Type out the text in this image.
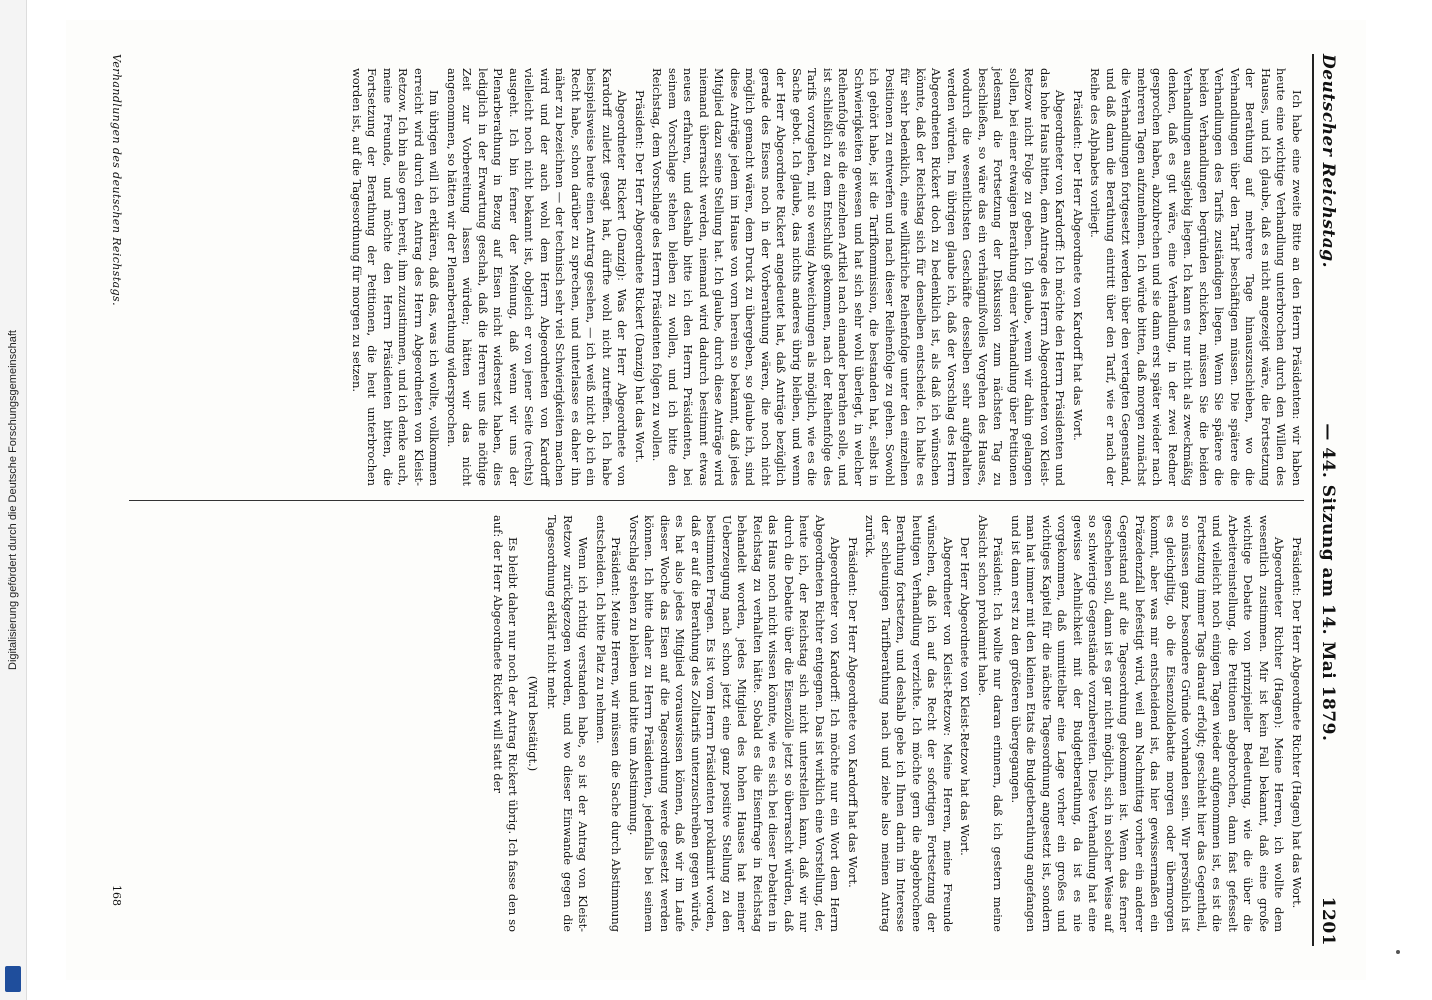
Digitalisierung gefördert durch die Deutsche Forschungsgemeinschaft
Deutscher Reichstag.
— 44. Sitzung am 14. Mai 1879.
1201

Ich habe eine zweite Bitte an den Herrn Präsidenten: wir haben heute eine wichtige Verhandlung unterbrochen durch den Willen des Hauses, und ich glaube, daß es nicht angezeigt wäre, die Fortsetzung der Berathung auf mehrere Tage hinauszuschieben, wo die Verhandlungen über den Tarif beschäftigen müssen. Die spätere die Verhandlungen des Tarifs zuständigen liegen. Wenn Sie spätere die beiden Verhandlungen begründen schicken, müssen Sie die beiden Verhandlungen ausgiebig liegen. Ich kann es nur nicht als zweckmäßig denken, daß es gut wäre, eine Verhandlung, in der zwei Redner gesprochen haben, abzubrechen und sie dann erst später wieder nach mehreren Tagen aufzunehmen. Ich würde bitten, daß morgen zunächst die Verhandlungen fortgesetzt werden über den vertagten Gegenstand, und daß dann die Berathung eintritt über den Tarif, wie er nach der Reihe des Alphabets vorliegt.

Präsident: Der Herr Abgeordnete von Kardorff hat das Wort.

Abgeordneter von Kardorff: Ich möchte den Herrn Präsidenten und das hohe Haus bitten, dem Antrage des Herrn Abgeordneten von Kleist-Retzow nicht Folge zu geben. Ich glaube, wenn wir dahin gelangen sollen, bei einer etwaigen Berathung einer Verhandlung über Petitionen jedesmal die Fortsetzung der Diskussion zum nächsten Tag zu beschließen, so wäre das ein verhängnißvolles Vorgehen des Hauses, wodurch die wesentlichsten Geschäfte desselben sehr aufgehalten werden würden. Im übrigen glaube ich, daß der Vorschlag des Herrn Abgeordneten Rickert doch zu bedenklich ist, als daß ich wünschen könnte, daß der Reichstag sich für denselben entscheide. Ich halte es für sehr bedenklich, eine willkürliche Reihenfolge unter den einzelnen Positionen zu entwerfen und nach dieser Reihenfolge zu gehen. Sowohl ich gehört habe, ist die Tarifkommission, die bestanden hat, selbst in Schwierigkeiten gewesen und hat sich sehr wohl überlegt, in welcher Reihenfolge sie die einzelnen Artikel nach einander berathen solle, und ist schließlich zu dem Entschluß gekommen, nach der Reihenfolge des Tarifs vorzugehen, mit so wenig Abweichungen als möglich, wie es die Sache gebot. Ich glaube, das nichts anderes übrig bleiben, und wenn der Herr Abgeordnete Rickert angedeutet hat, daß Anträge bezüglich gerade des Eisens noch in der Vorberathung wären, die noch nicht möglich gemacht wären, dem Druck zu übergeben, so glaube ich, sind diese Anträge jedem im Hause von vorn herein so bekannt, daß jedes Mitglied dazu seine Stellung hat. Ich glaube, durch diese Anträge wird niemand überrascht werden, niemand wird dadurch bestimmt etwas neues erfahren, und deshalb bitte ich den Herrn Präsidenten, bei seinem Vorschlage stehen bleiben zu wollen, und ich bitte den Reichstag, dem Vorschlage des Herrn Präsidenten folgen zu wollen.

Präsident: Der Herr Abgeordnete Rickert (Danzig) hat das Wort.

Abgeordneter Rickert (Danzig): Was der Herr Abgeordnete von Kardorff zuletzt gesagt hat, dürfte wohl nicht zutreffen. Ich habe beispielsweise heute einen Antrag gesehen, — ich weiß nicht ob ich ein Recht habe, schon darüber zu sprechen, und unterlasse es daher ihn näher zu bezeichnen — der technisch sehr viel Schwierigkeiten machen wird und der auch wohl dem Herrn Abgeordneten von Kardorff vielleicht noch nicht bekannt ist, obgleich er von jener Seite (rechts) ausgeht. Ich bin ferner der Meinung, daß wenn wir uns der Plenarberathung in Bezug auf Eisen nicht widersetzt haben, dies lediglich in der Erwartung geschah, daß die Herren uns die nöthige Zeit zur Vorbereitung lassen würden; hätten wir das nicht angenommen, so hätten wir der Plenarberathung widersprochen.

Im übrigen will ich erklären, daß das, was ich wollte, vollkommen erreicht wird durch den Antrag des Herrn Abgeordneten von Kleist-Retzow. Ich bin also gern bereit, ihm zuzustimmen, und ich denke auch, meine Freunde, und möchte den Herrn Präsidenten bitten, die Fortsetzung der Berathung der Petitionen, die heut unterbrochen worden ist, auf die Tagesordnung für morgen zu setzen.

Präsident: Der Herr Abgeordnete Richter (Hagen) hat das Wort.

Abgeordneter Richter (Hagen): Meine Herren, ich wollte dem wesentlich zustimmen. Mir ist kein Fall bekannt, daß eine große wichtige Debatte von prinzipieller Bedeutung, wie die über die Arbeitereinstellung, die Petitionen abgebrochen, dann fast gefesselt und vielleicht noch einigen Tagen wieder aufgenommen ist, es ist die Fortsetzung immer Tags darauf erfolgt; geschieht hier das Gegentheil, so müssen ganz besondere Gründe vorhanden sein. Wir persönlich ist es gleichgiltig, ob die Eisenzolldebatte morgen oder übermorgen kommt, aber was mir entscheidend ist, das hier gewissermaßen ein Präzedenzfall befestigt wird, weil am Nachmittag vorher ein anderer Gegenstand auf die Tagesordnung gekommen ist. Wenn das ferner geschehen soll, dann ist es gar nicht möglich, sich in solcher Weise auf so schwierige Gegenstände vorzubereiten. Diese Verhandlung hat eine gewisse Aehnlichkeit mit der Budgetberathung, da ist es nie vorgekommen, daß unmittelbar eine Lage vorher ein großes und wichtiges Kapitel für die nächste Tagesordnung angesetzt ist, sondern man hat immer mit den kleinen Etats die Budgetberathung angefangen und ist dann erst zu den größeren übergegangen.

Präsident: Ich wollte nur daran erinnern, daß ich gestern meine Absicht schon proklamirt habe.

Der Herr Abgeordnete von Kleist-Retzow hat das Wort.

Abgeordneter von Kleist-Retzow: Meine Herren, meine Freunde wünschen, daß ich auf das Recht der sofortigen Fortsetzung der heutigen Verhandlung verzichte. Ich möchte gern die abgebrochene Berathung fortsetzen, und deshalb gebe ich Ihnen darin im Interesse der schleunigen Tarifberathung nach und ziehe also meinen Antrag zurück.

Präsident: Der Herr Abgeordnete von Kardorff hat das Wort.

Abgeordneter von Kardorff: Ich möchte nur ein Wort dem Herrn Abgeordneten Richter entgegnen. Das ist wirklich eine Vorstellung, der, heute ich, der Reichstag sich nicht unterstellen kann, daß wir nur durch die Debatte über die Eisenzölle jetzt so überrascht würden, daß das Haus noch nicht wissen könnte, wie es sich bei dieser Debatten in Reichstag zu verhalten hätte. Sobald es die Eisenfrage in Reichstag behandelt worden, jedes Mitglied des hohen Hauses hat meiner Ueberzeugung nach schon jetzt eine ganz positive Stellung zu den bestimmten Fragen. Es ist vom Herrn Präsidenten proklamirt worden, daß er auf die Berathung des Zolltarifs unterzuschreiben gegen würde, es hat also jedes Mitglied vorauswissen können, daß wir im Laufe dieser Woche das Eisen auf die Tagesordnung werde gesetzt werden können. Ich bitte daher zu Herrn Präsidenten, jedenfalls bei seinem Vorschlag stehen zu bleiben und bitte um Abstimmung.

Präsident: Meine Herren, wir müssen die Sache durch Abstimmung entscheiden. Ich bitte Platz zu nehmen.

Wenn ich richtig verstanden habe, so ist der Antrag von Kleist-Retzow zurückgezogen worden, und wo dieser Einwande gegen die Tagesordnung erklärt nicht mehr.

(Wird bestätigt.)

Es bleibt daher nur noch der Antrag Rickert übrig. Ich fasse den so auf: der Herr Abgeordnete Rickert will statt der

Verhandlungen des deutschen Reichstags.
168
